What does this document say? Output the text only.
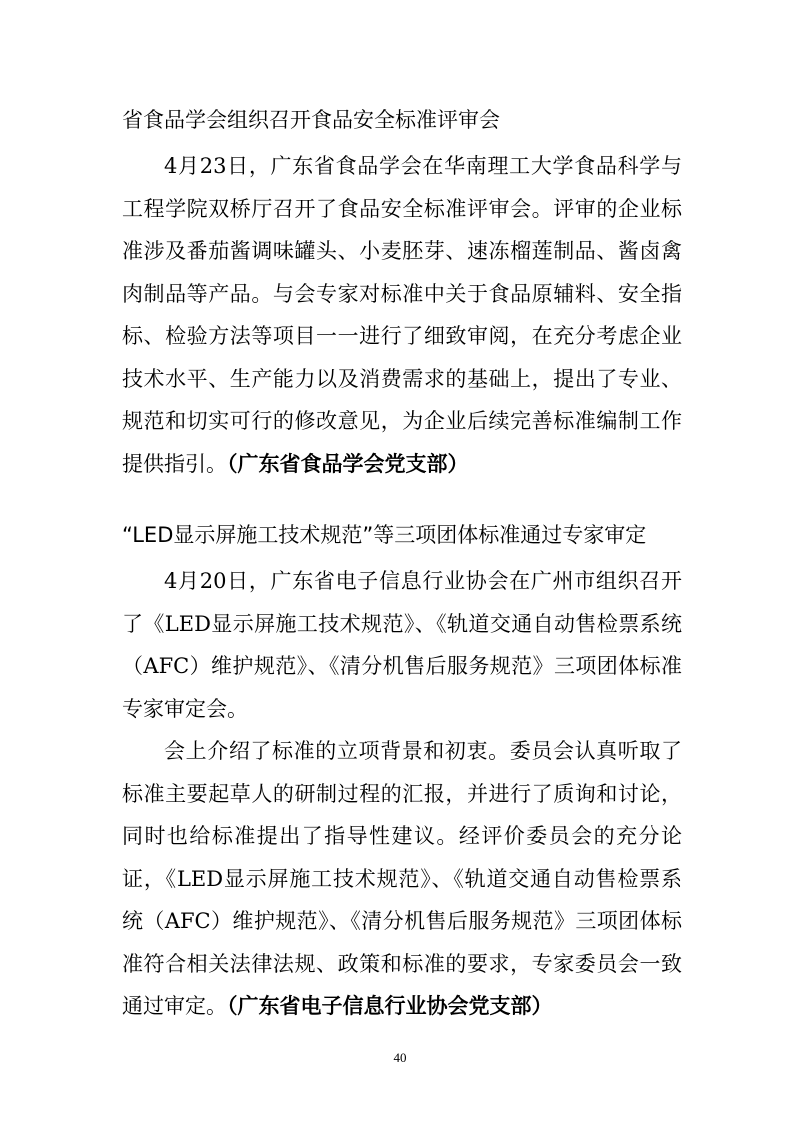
省食品学会组织召开食品安全标准评审会

4月23日，广东省食品学会在华南理工大学食品科学与工程学院双桥厅召开了食品安全标准评审会。评审的企业标准涉及番茄酱调味罐头、小麦胚芽、速冻榴莲制品、酱卤禽肉制品等产品。与会专家对标准中关于食品原辅料、安全指标、检验方法等项目一一进行了细致审阅，在充分考虑企业技术水平、生产能力以及消费需求的基础上，提出了专业、规范和切实可行的修改意见，为企业后续完善标准编制工作提供指引。（广东省食品学会党支部）

“LED显示屏施工技术规范”等三项团体标准通过专家审定

4月20日，广东省电子信息行业协会在广州市组织召开了《LED显示屏施工技术规范》、《轨道交通自动售检票系统（AFC）维护规范》、《清分机售后服务规范》三项团体标准专家审定会。

会上介绍了标准的立项背景和初衷。委员会认真听取了标准主要起草人的研制过程的汇报，并进行了质询和讨论，同时也给标准提出了指导性建议。经评价委员会的充分论证，《LED显示屏施工技术规范》、《轨道交通自动售检票系统（AFC）维护规范》、《清分机售后服务规范》三项团体标准符合相关法律法规、政策和标准的要求，专家委员会一致通过审定。（广东省电子信息行业协会党支部）

40
